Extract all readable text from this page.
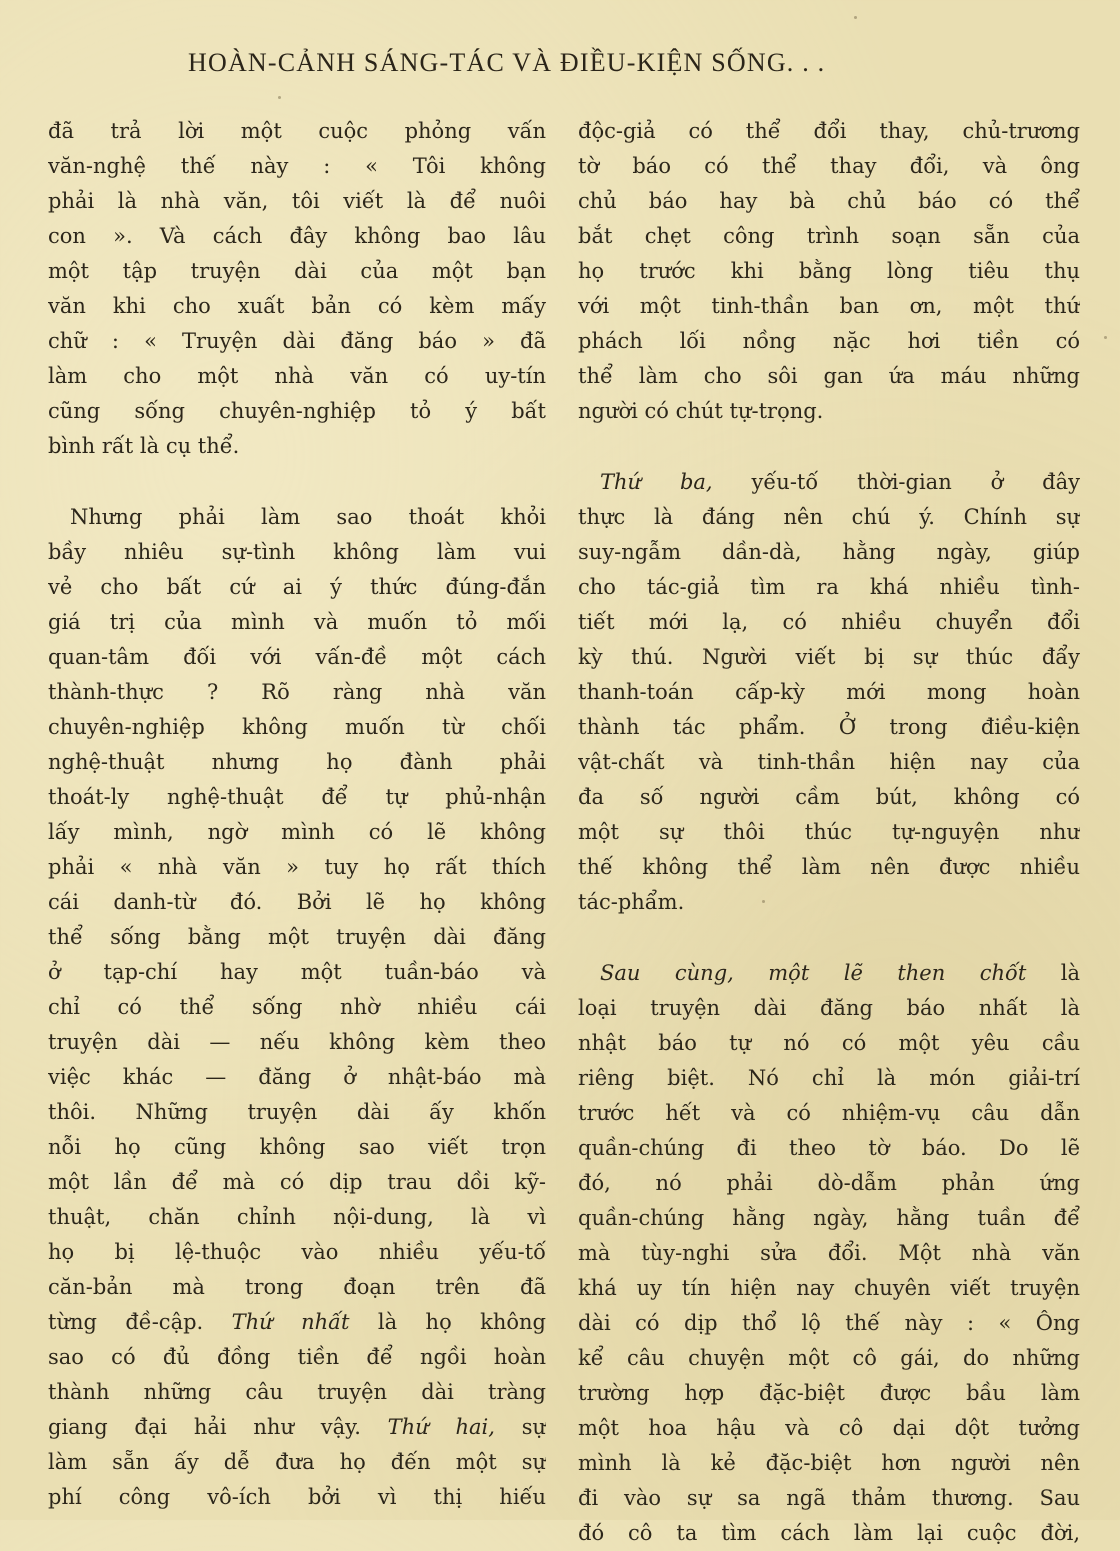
HOÀN-CẢNH SÁNG-TÁC VÀ ĐIỀU-KIỆN SỐNG. . .

đã trả lời một cuộc phỏng vấn

văn-nghệ thế này : « Tôi không

phải là nhà văn, tôi viết là để nuôi

con ». Và cách đây không bao lâu

một tập truyện dài của một bạn

văn khi cho xuất bản có kèm mấy

chữ : « Truyện dài đăng báo » đã

làm cho một nhà văn có uy-tín

cũng sống chuyên-nghiệp tỏ ý bất

bình rất là cụ thể.

Nhưng phải làm sao thoát khỏi

bầy nhiêu sự-tình không làm vui

vẻ cho bất cứ ai ý thức đúng-đắn

giá trị của mình và muốn tỏ mối

quan-tâm đối với vấn-đề một cách

thành-thực ? Rõ ràng nhà văn

chuyên-nghiệp không muốn từ chối

nghệ-thuật nhưng họ đành phải

thoát-ly nghệ-thuật để tự phủ-nhận

lấy mình, ngờ mình có lẽ không

phải « nhà văn » tuy họ rất thích

cái danh-từ đó. Bởi lẽ họ không

thể sống bằng một truyện dài đăng

ở tạp-chí hay một tuần-báo và

chỉ có thể sống nhờ nhiều cái

truyện dài — nếu không kèm theo

việc khác — đăng ở nhật-báo mà

thôi. Những truyện dài ấy khốn

nỗi họ cũng không sao viết trọn

một lần để mà có dịp trau dồi kỹ-

thuật, chăn chỉnh nội-dung, là vì

họ bị lệ-thuộc vào nhiều yếu-tố

căn-bản mà trong đoạn trên đã

từng đề-cập. Thứ nhất là họ không

sao có đủ đồng tiền để ngồi hoàn

thành những câu truyện dài tràng

giang đại hải như vậy. Thứ hai, sự

làm sẵn ấy dễ đưa họ đến một sự

phí công vô-ích bởi vì thị hiếu

độc-giả có thể đổi thay, chủ-trương

tờ báo có thể thay đổi, và ông

chủ báo hay bà chủ báo có thể

bắt chẹt công trình soạn sẵn của

họ trước khi bằng lòng tiêu thụ

với một tinh-thần ban ơn, một thứ

phách lối nồng nặc hơi tiền có

thể làm cho sôi gan ứa máu những

người có chút tự-trọng.

Thứ ba, yếu-tố thời-gian ở đây

thực là đáng nên chú ý. Chính sự

suy-ngẫm dần-dà, hằng ngày, giúp

cho tác-giả tìm ra khá nhiều tình-

tiết mới lạ, có nhiều chuyển đổi

kỳ thú. Người viết bị sự thúc đẩy

thanh-toán cấp-kỳ mới mong hoàn

thành tác phẩm. Ở trong điều-kiện

vật-chất và tinh-thần hiện nay của

đa số người cầm bút, không có

một sự thôi thúc tự-nguyện như

thế không thể làm nên được nhiều

tác-phẩm.

Sau cùng, một lẽ then chốt là

loại truyện dài đăng báo nhất là

nhật báo tự nó có một yêu cầu

riêng biệt. Nó chỉ là món giải-trí

trước hết và có nhiệm-vụ câu dẫn

quần-chúng đi theo tờ báo. Do lẽ

đó, nó phải dò-dẫm phản ứng

quần-chúng hằng ngày, hằng tuần để

mà tùy-nghi sửa đổi. Một nhà văn

khá uy tín hiện nay chuyên viết truyện

dài có dịp thổ lộ thế này : « Ông

kể câu chuyện một cô gái, do những

trường hợp đặc-biệt được bầu làm

một hoa hậu và cô dại dột tưởng

mình là kẻ đặc-biệt hơn người nên

đi vào sự sa ngã thảm thương. Sau

đó cô ta tìm cách làm lại cuộc đời,
